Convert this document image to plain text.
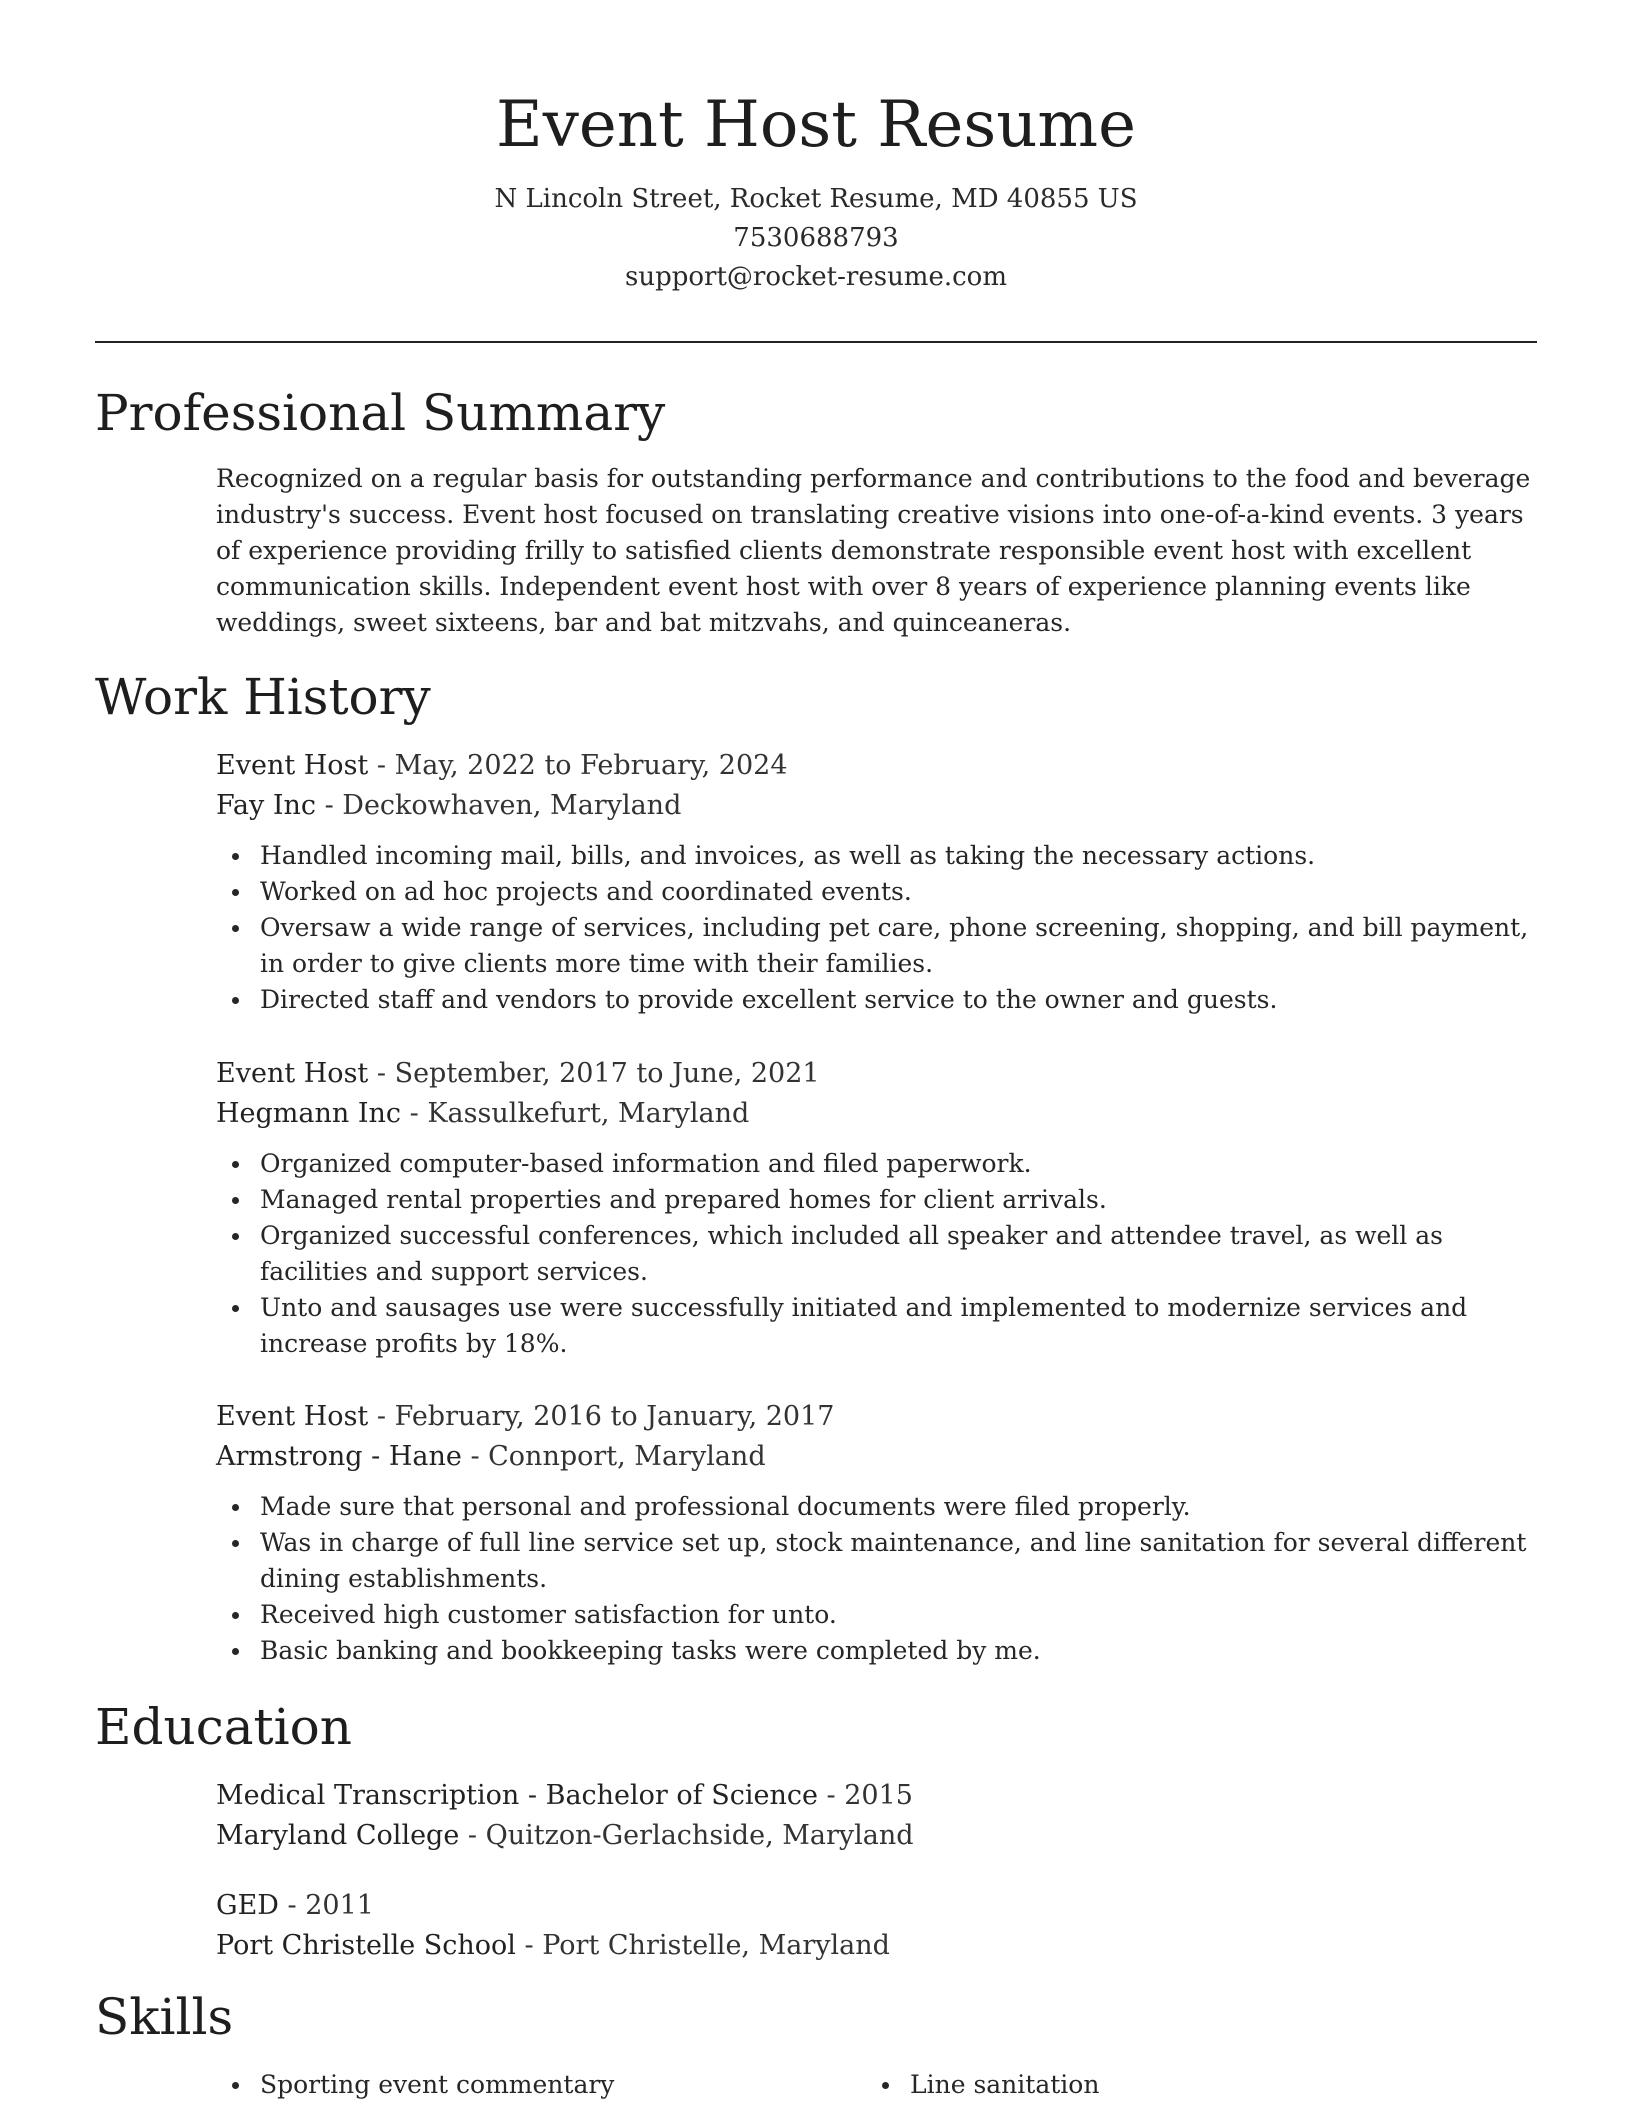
Event Host Resume
N Lincoln Street, Rocket Resume, MD 40855 US
7530688793
support@rocket-resume.com
Professional Summary
Recognized on a regular basis for outstanding performance and contributions to the food and beverage industry's success. Event host focused on translating creative visions into one-of-a-kind events. 3 years of experience providing frilly to satisfied clients demonstrate responsible event host with excellent communication skills. Independent event host with over 8 years of experience planning events like weddings, sweet sixteens, bar and bat mitzvahs, and quinceaneras.
Work History
Event Host - May, 2022 to February, 2024
Fay Inc - Deckowhaven, Maryland
Handled incoming mail, bills, and invoices, as well as taking the necessary actions.
Worked on ad hoc projects and coordinated events.
Oversaw a wide range of services, including pet care, phone screening, shopping, and bill payment, in order to give clients more time with their families.
Directed staff and vendors to provide excellent service to the owner and guests.
Event Host - September, 2017 to June, 2021
Hegmann Inc - Kassulkefurt, Maryland
Organized computer-based information and filed paperwork.
Managed rental properties and prepared homes for client arrivals.
Organized successful conferences, which included all speaker and attendee travel, as well as facilities and support services.
Unto and sausages use were successfully initiated and implemented to modernize services and increase profits by 18%.
Event Host - February, 2016 to January, 2017
Armstrong - Hane - Connport, Maryland
Made sure that personal and professional documents were filed properly.
Was in charge of full line service set up, stock maintenance, and line sanitation for several different dining establishments.
Received high customer satisfaction for unto.
Basic banking and bookkeeping tasks were completed by me.
Education
Medical Transcription - Bachelor of Science - 2015
Maryland College - Quitzon-Gerlachside, Maryland
GED - 2011
Port Christelle School - Port Christelle, Maryland
Skills
Sporting event commentary	Line sanitation
